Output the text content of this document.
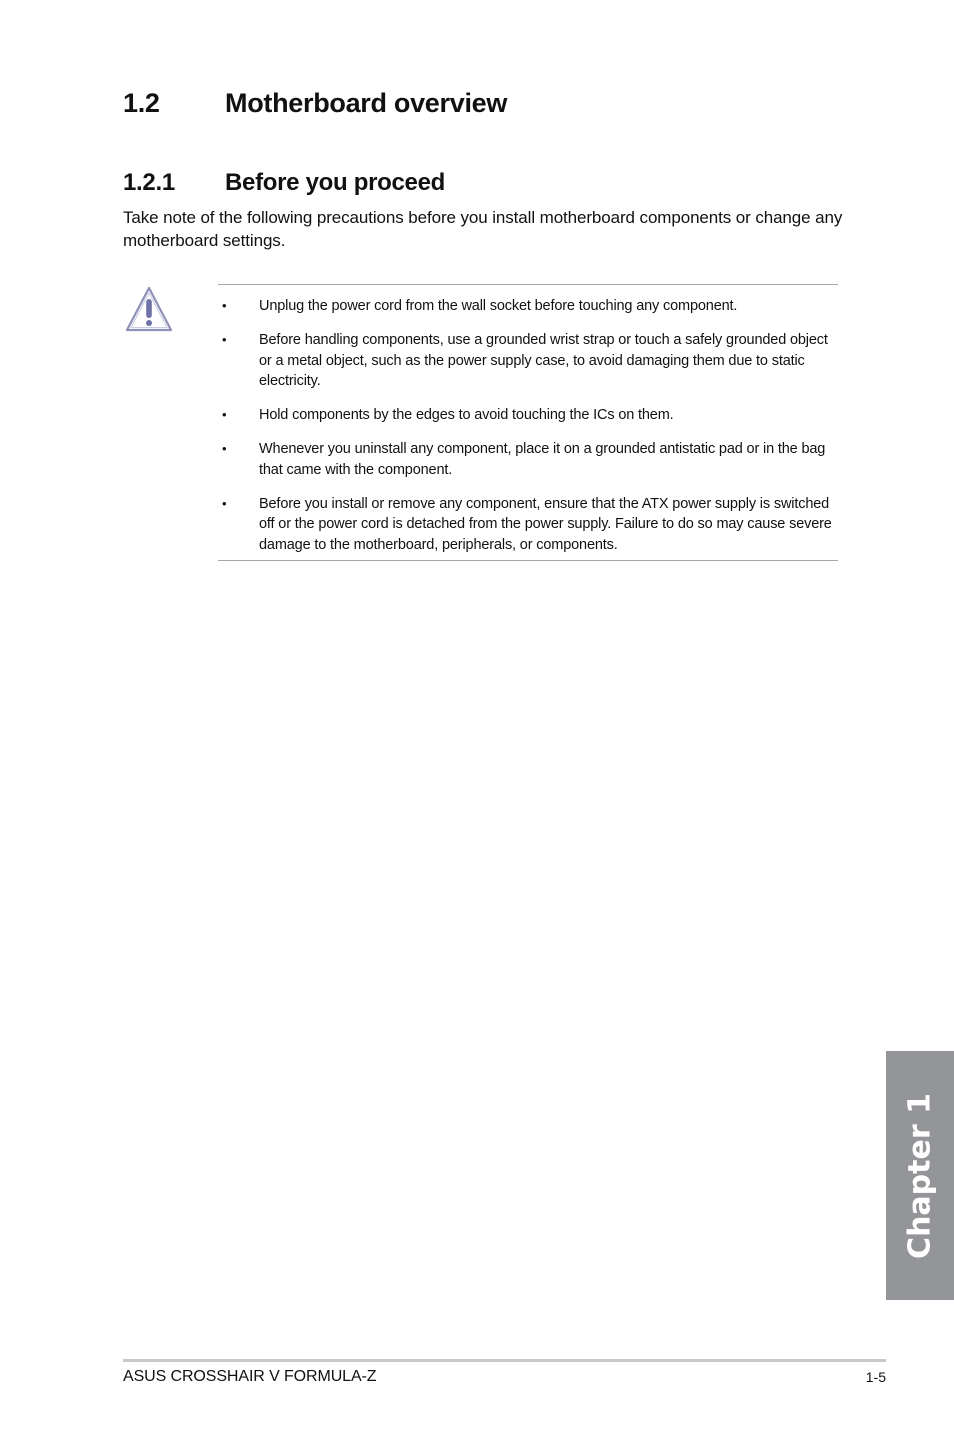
1.2 Motherboard overview
1.2.1 Before you proceed

Take note of the following precautions before you install motherboard components or change any motherboard settings.

•	Unplug the power cord from the wall socket before touching any component.
•	Before handling components, use a grounded wrist strap or touch a safely grounded object or a metal object, such as the power supply case, to avoid damaging them due to static electricity.
•	Hold components by the edges to avoid touching the ICs on them.
•	Whenever you uninstall any component, place it on a grounded antistatic pad or in the bag that came with the component.
•	Before you install or remove any component, ensure that the ATX power supply is switched off or the power cord is detached from the power supply. Failure to do so may cause severe damage to the motherboard, peripherals, or components.
Chapter 1
ASUS CROSSHAIR V FORMULA-Z	1-5
